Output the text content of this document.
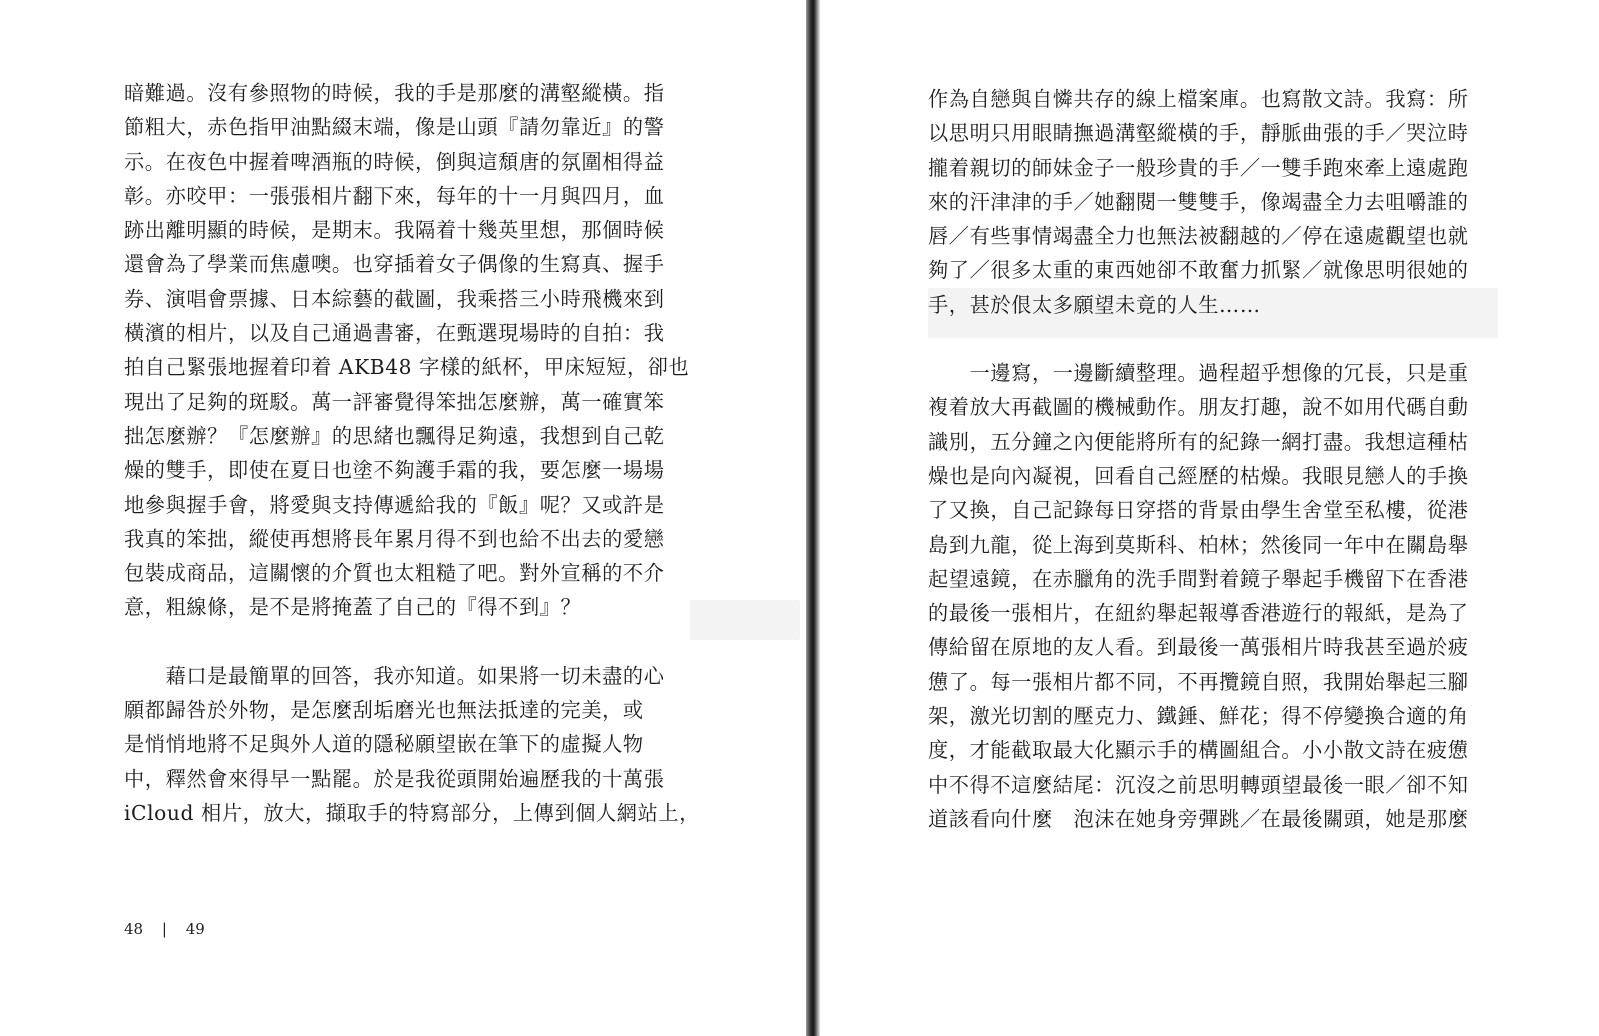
暗難過。沒有參照物的時候，我的手是那麼的溝壑縱橫。指
節粗大，赤色指甲油點綴末端，像是山頭『請勿靠近』的警
示。在夜色中握着啤酒瓶的時候，倒與這頹唐的氛圍相得益
彰。亦咬甲：一張張相片翻下來，每年的十一月與四月，血
跡出離明顯的時候，是期末。我隔着十幾英里想，那個時候
還會為了學業而焦慮噢。也穿插着女子偶像的生寫真、握手
券、演唱會票據、日本綜藝的截圖，我乘搭三小時飛機來到
橫濱的相片，以及自己通過書審，在甄選現場時的自拍：我
拍自己緊張地握着印着 AKB48 字樣的紙杯，甲床短短，卻也
現出了足夠的斑駁。萬一評審覺得笨拙怎麼辦，萬一確實笨
拙怎麼辦？『怎麼辦』的思緒也飄得足夠遠，我想到自己乾
燥的雙手，即使在夏日也塗不夠護手霜的我，要怎麼一場場
地參與握手會，將愛與支持傳遞給我的『飯』呢？又或許是
我真的笨拙，縱使再想將長年累月得不到也給不出去的愛戀
包裝成商品，這關懷的介質也太粗糙了吧。對外宣稱的不介
意，粗線條，是不是將掩蓋了自己的『得不到』？
　　藉口是最簡單的回答，我亦知道。如果將一切未盡的心
願都歸咎於外物，是怎麼刮垢磨光也無法抵達的完美，或
是悄悄地將不足與外人道的隱秘願望嵌在筆下的虛擬人物
中，釋然會來得早一點罷。於是我從頭開始遍歷我的十萬張
iCloud 相片，放大，擷取手的特寫部分，上傳到個人網站上，
48 | 49
作為自戀與自憐共存的線上檔案庫。也寫散文詩。我寫：所
以思明只用眼睛撫過溝壑縱橫的手，靜脈曲張的手／哭泣時
攏着親切的師妹金子一般珍貴的手／一雙手跑來牽上遠處跑
來的汗津津的手／她翻閱一雙雙手，像竭盡全力去咀嚼誰的
唇／有些事情竭盡全力也無法被翻越的／停在遠處觀望也就
夠了／很多太重的東西她卻不敢奮力抓緊／就像思明很她的
手，甚於佷太多願望未竟的人生……
　　一邊寫，一邊斷續整理。過程超乎想像的冗長，只是重
複着放大再截圖的機械動作。朋友打趣，說不如用代碼自動
識別，五分鐘之內便能將所有的紀錄一網打盡。我想這種枯
燥也是向內凝視，回看自己經歷的枯燥。我眼見戀人的手換
了又換，自己記錄每日穿搭的背景由學生舍堂至私樓，從港
島到九龍，從上海到莫斯科、柏林；然後同一年中在關島舉
起望遠鏡，在赤臘角的洗手間對着鏡子舉起手機留下在香港
的最後一張相片，在紐約舉起報導香港遊行的報紙，是為了
傳給留在原地的友人看。到最後一萬張相片時我甚至過於疲
憊了。每一張相片都不同，不再攬鏡自照，我開始舉起三腳
架，激光切割的壓克力、鐵錘、鮮花；得不停變換合適的角
度，才能截取最大化顯示手的構圖組合。小小散文詩在疲憊
中不得不這麼結尾：沉沒之前思明轉頭望最後一眼／卻不知
道該看向什麼　泡沫在她身旁彈跳／在最後關頭，她是那麼
